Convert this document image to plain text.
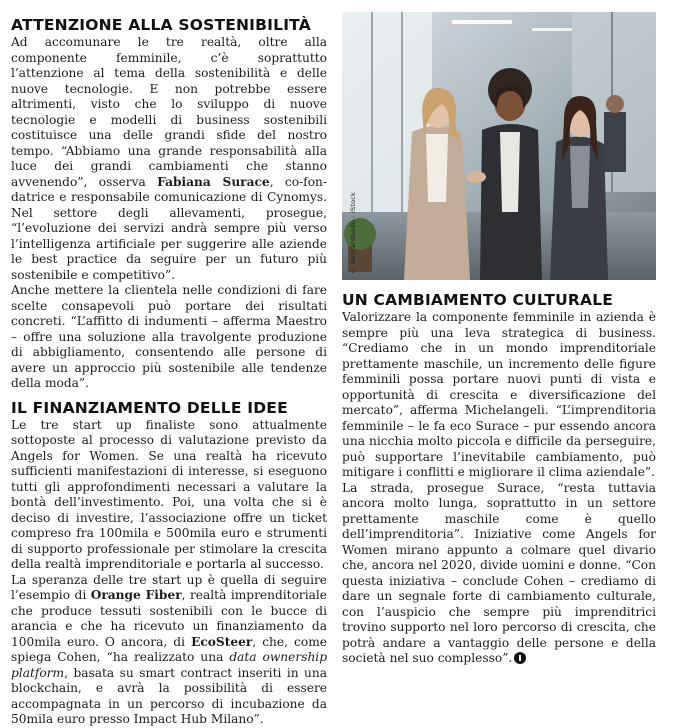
ATTENZIONE ALLA SOSTENIBILITÀ

Ad accomunare le tre realtà, oltre alla componente femminile, c’è soprattutto l’attenzione al tema della sostenibilità e delle nuove tecnologie. E non potrebbe essere altrimenti, visto che lo sviluppo di nuove tecnologie e modelli di business sostenibili costituisce una delle grandi sfide del nostro tempo. “Abbiamo una grande responsabilità alla luce dei grandi cambiamenti che stanno avvenendo”, osserva Fabiana Surace, co-fondatrice e responsabile comunicazione di Cynomys. Nel settore degli allevamenti, prosegue, “l’evoluzione dei servizi andrà sempre più verso l’intelligenza artificiale per suggerire alle aziende le best practice da seguire per un futuro più sostenibile e competitivo”.

Anche mettere la clientela nelle condizioni di fare scelte consapevoli può portare dei risultati concreti. “L’affitto di indumenti – afferma Maestro – offre una soluzione alla travolgente produzione di abbigliamento, consentendo alle persone di avere un approccio più sostenibile alle tendenze della moda”.

IL FINANZIAMENTO DELLE IDEE

Le tre start up finaliste sono attualmente sottoposte al processo di valutazione previsto da Angels for Women. Se una realtà ha ricevuto sufficienti manifestazioni di interesse, si eseguono tutti gli approfondimenti necessari a valutare la bontà dell’investimento. Poi, una volta che si è deciso di investire, l’associazione offre un ticket compreso fra 100mila e 500mila euro e strumenti di supporto professionale per stimolare la crescita della realtà imprenditoriale e portarla al successo.

La speranza delle tre start up è quella di seguire l’esempio di Orange Fiber, realtà imprenditoriale che produce tessuti sostenibili con le bucce di arancia e che ha ricevuto un finanziamento da 100mila euro. O ancora, di EcoSteer, che, come spiega Cohen, “ha realizzato una data ownership platform, basata su smart contract inseriti in una blockchain, e avrà la possibilità di essere accompagnata in un percorso di incubazione da 50mila euro presso Impact Hub Milano”.

© bernardbodo - iStock
UN CAMBIAMENTO CULTURALE

Valorizzare la componente femminile in azienda è sempre più una leva strategica di business. “Crediamo che in un mondo imprenditoriale prettamente maschile, un incremento delle figure femminili possa portare nuovi punti di vista e opportunità di crescita e diversificazione del mercato”, afferma Michelangeli. “L’imprenditoria femminile – le fa eco Surace – pur essendo ancora una nicchia molto piccola e difficile da perseguire, può supportare l’inevitabile cambiamento, può mitigare i conflitti e migliorare il clima aziendale”.

La strada, prosegue Surace, “resta tuttavia ancora molto lunga, soprattutto in un settore prettamente maschile come è quello dell’imprenditoria”. Iniziative come Angels for Women mirano appunto a colmare quel divario che, ancora nel 2020, divide uomini e donne. “Con questa iniziativa – conclude Cohen – crediamo di dare un segnale forte di cambiamento culturale, con l’auspicio che sempre più imprenditrici trovino supporto nel loro percorso di crescita, che potrà andare a vantaggio delle persone e della società nel suo complesso”.
